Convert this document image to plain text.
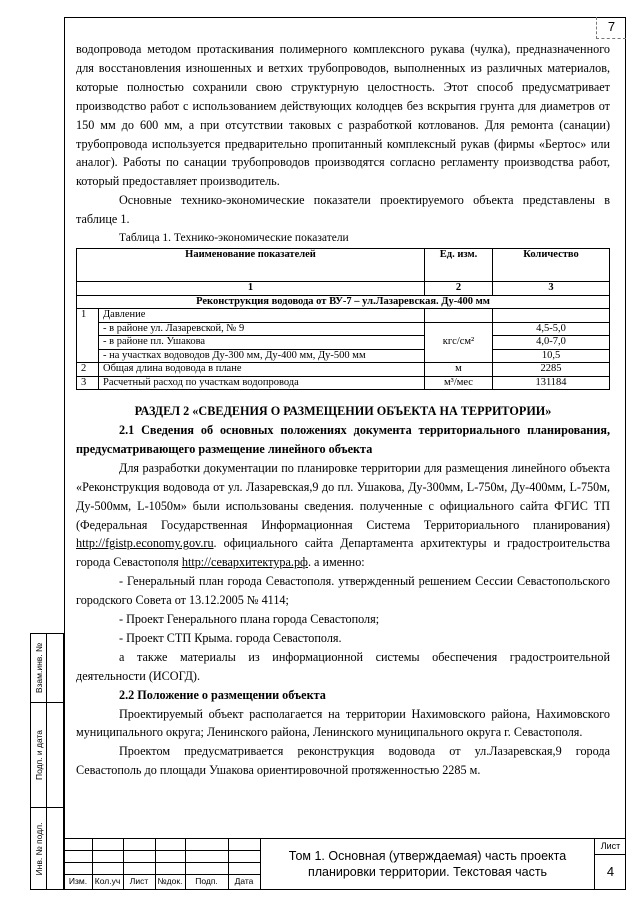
7

водопровода методом протаскивания полимерного комплексного рукава (чулка), предназначенного для восстановления изношенных и ветхих трубопроводов, выполненных из различных материалов, которые полностью сохранили свою структурную целостность. Этот способ предусматривает производство работ с использованием действующих колодцев без вскрытия грунта для диаметров от 150 мм до 600 мм, а при отсутствии таковых с разработкой котлованов. Для ремонта (санации) трубопровода используется предварительно пропитанный комплексный рукав (фирмы «Бертос» или аналог). Работы по санации трубопроводов производятся согласно регламенту производства работ, который предоставляет производитель.

Основные технико-экономические показатели проектируемого объекта представлены в таблице 1.

Таблица 1. Технико-экономические показатели
Наименование показателей		Ед. изм.	Количество
1		2	3
Реконструкция водовода от ВУ-7 – ул.Лазаревская. Ду-400 мм			
1	Давление		
	- в районе ул. Лазаревской, № 9	кгс/см²	4,5-5,0
	- в районе пл. Ушакова		4,0-7,0
	- на участках водоводов Ду-300 мм, Ду-400 мм, Ду-500 мм		10,5
2	Общая длина водовода в плане	м	2285
3	Расчетный расход по участкам водопровода	м³/мес	131184

РАЗДЕЛ 2 «СВЕДЕНИЯ О РАЗМЕЩЕНИИ ОБЪЕКТА НА ТЕРРИТОРИИ»

2.1 Сведения об основных положениях документа территориального планирования, предусматривающего размещение линейного объекта

Для разработки документации по планировке территории для размещения линейного объекта «Реконструкция водовода от ул. Лазаревская,9 до пл. Ушакова, Ду-300мм, L-750м, Ду-400мм, L-750м, Ду-500мм, L-1050м» были использованы сведения. полученные с официального сайта ФГИС ТП (Федеральная Государственная Информационная Система Территориального планирования) http://fgistp.economy.gov.ru. официального сайта Департамента архитектуры и градостроительства города Севастополя http://севархитектура.рф. а именно:

- Генеральный план города Севастополя. утвержденный решением Сессии Севастопольского городского Совета от 13.12.2005 № 4114;

- Проект Генерального плана города Севастополя;

- Проект СТП Крыма. города Севастополя.

а также материалы из информационной системы обеспечения градостроительной деятельности (ИСОГД).

2.2 Положение о размещении объекта

Проектируемый объект располагается на территории Нахимовского района, Нахимовского муниципального округа; Ленинского района, Ленинского муниципального округа г. Севастополя.

Проектом предусматривается реконструкция водовода от ул.Лазаревская,9 города Севастополь до площади Ушакова ориентировочной протяженностью 2285 м.

Взам.инв. №
Подп. и дата
Инв. № подл.
Изм. Кол.уч	Лист	№док.	Подп.	Дата
Том 1. Основная (утверждаемая) часть проекта планировки территории. Текстовая часть
Лист
4
